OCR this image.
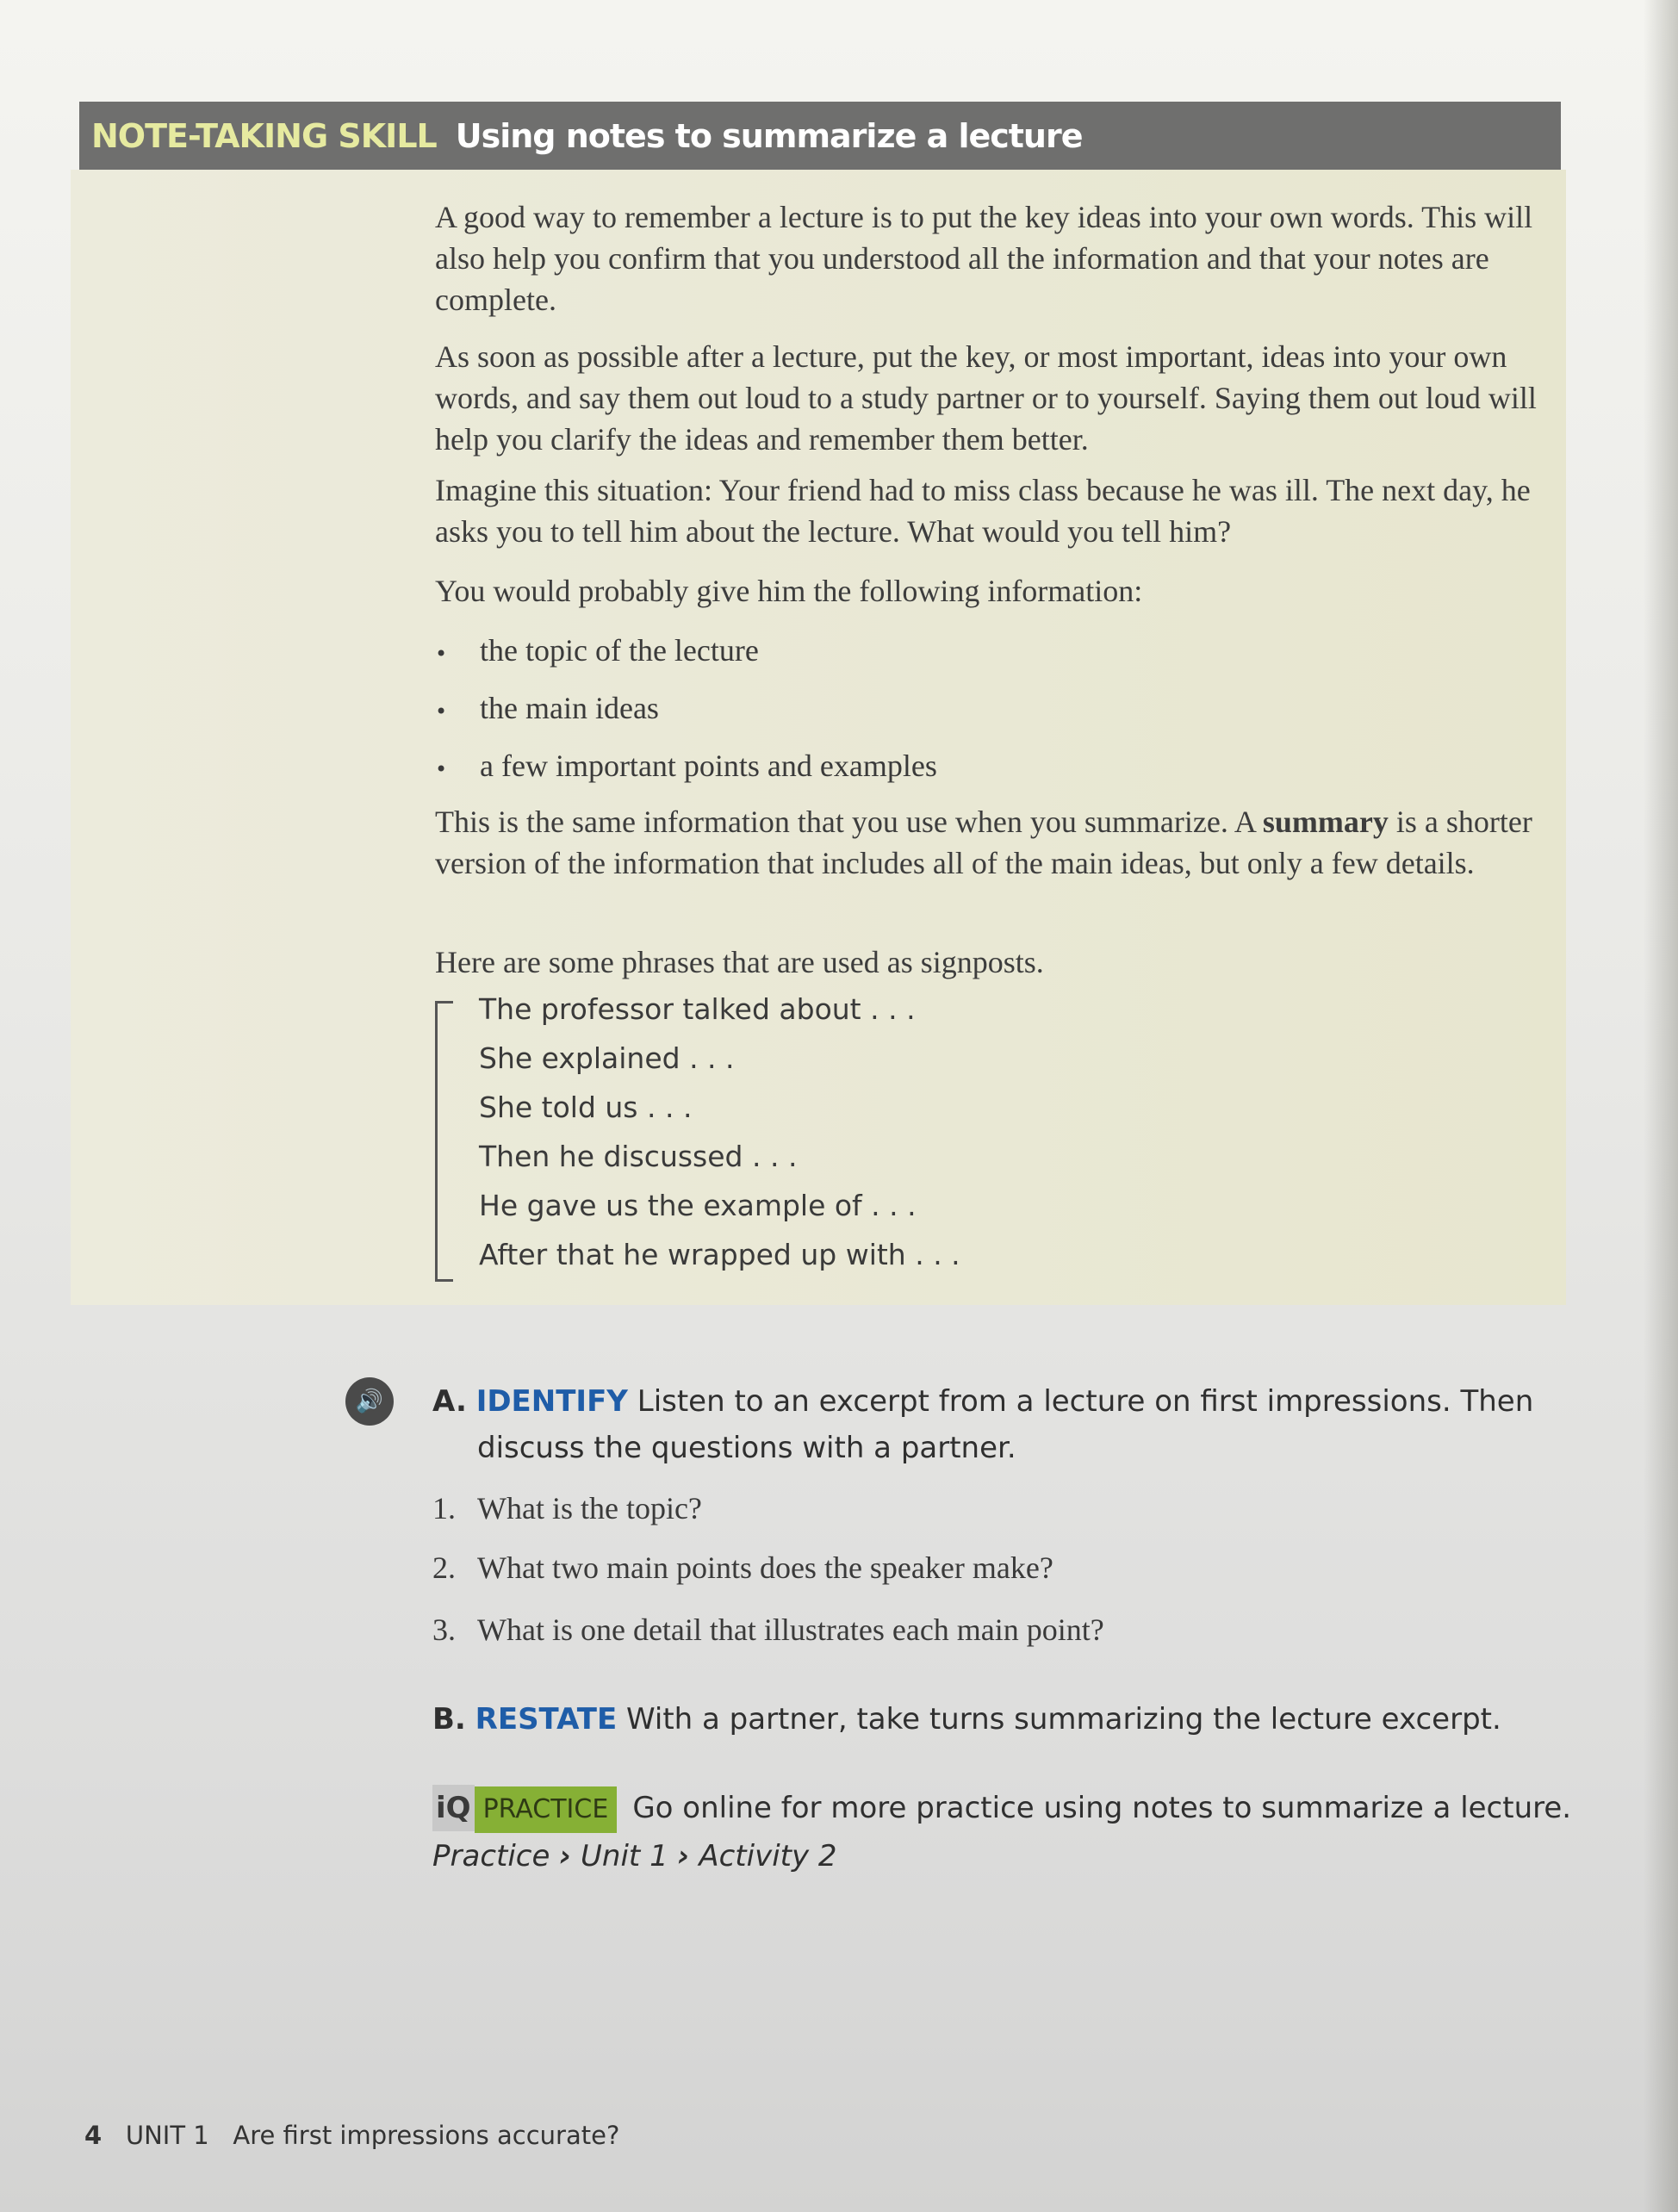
NOTE-TAKING SKILL Using notes to summarize a lecture
A good way to remember a lecture is to put the key ideas into your own words. This will also help you confirm that you understood all the information and that your notes are complete.
As soon as possible after a lecture, put the key, or most important, ideas into your own words, and say them out loud to a study partner or to yourself. Saying them out loud will help you clarify the ideas and remember them better.
Imagine this situation: Your friend had to miss class because he was ill. The next day, he asks you to tell him about the lecture. What would you tell him?
You would probably give him the following information:
• the topic of the lecture
• the main ideas
• a few important points and examples
This is the same information that you use when you summarize. A summary is a shorter version of the information that includes all of the main ideas, but only a few details.
Here are some phrases that are used as signposts.
The professor talked about . . .
She explained . . .
She told us . . .
Then he discussed . . .
He gave us the example of . . .
After that he wrapped up with . . .
🔊	A. IDENTIFY Listen to an excerpt from a lecture on first impressions. Then
discuss the questions with a partner.
1. What is the topic?
2. What two main points does the speaker make?
3. What is one detail that illustrates each main point?
B. RESTATE With a partner, take turns summarizing the lecture excerpt.
iQ PRACTICE Go online for more practice using notes to summarize a lecture.
Practice › Unit 1 › Activity 2
4 UNIT 1 Are first impressions accurate?
